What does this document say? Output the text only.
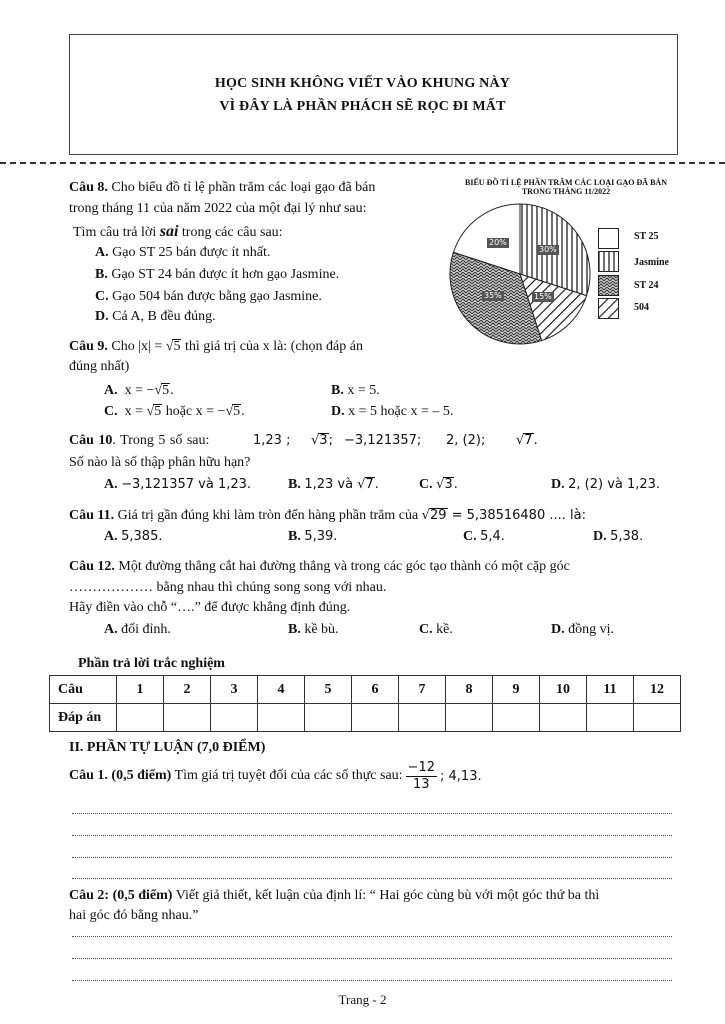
HỌC SINH KHÔNG VIẾT VÀO KHUNG NÀY
VÌ ĐÂY LÀ PHẦN PHÁCH SẼ RỌC ĐI MẤT
Câu 8. Cho biểu đồ tỉ lệ phần trăm các loại gạo đã bán
trong tháng 11 của năm 2022 của một đại lý như sau:
Tìm câu trả lời sai trong các câu sau:
A. Gạo ST 25 bán được ít nhất.
B. Gạo ST 24 bán được ít hơn gạo Jasmine.
C. Gạo 504 bán được bằng gạo Jasmine.
D. Cả A, B đều đúng.
BIỂU ĐỒ TỈ LỆ PHẦN TRĂM CÁC LOẠI GẠO ĐÃ BÁN
TRONG THÁNG 11/2022
20%
30%
35%	15%
ST 25
Jasmine
ST 24
504
Câu 9. Cho |x| = √5 thì giá trị của x là: (chọn đáp án
đúng nhất)
A. x = −√5.	B. x = 5.
C. x = √5 hoặc x = −√5.	D. x = 5 hoặc x = – 5.
Câu 10. Trong 5 số sau:	1,23 ; √3; −3,121357; 2, (2); √7.
Số nào là số thập phân hữu hạn?
A. −3,121357 và 1,23.	B. 1,23 và √7.	C. √3.	D. 2, (2) và 1,23.
Câu 11. Giá trị gần đúng khi làm tròn đến hàng phần trăm của √29 = 5,38516480 .... là:
A. 5,385.	B. 5,39.	C. 5,4.	D. 5,38.
Câu 12. Một đường thẳng cắt hai đường thẳng và trong các góc tạo thành có một cặp góc
……………… bằng nhau thì chúng song song với nhau.
Hãy điền vào chỗ “….” để được khẳng định đúng.
A. đối đỉnh.	B. kề bù.	C. kề.	D. đồng vị.
Phần trả lời trắc nghiệm
Câu	1	2	3	4	5	6	7	8	9	10	11	12
Đáp án												
II. PHẦN TỰ LUẬN (7,0 ĐIỂM)
Câu 1 . (0,5 điểm) Tìm giá trị tuyệt đối của các số thực sau: $\frac{-12}{13}$ ; 4,13.
Câu 2: (0,5 điểm) Viết giả thiết, kết luận của định lí: “ Hai góc cùng bù với một góc thứ ba thì
hai góc đó bằng nhau.”
Trang - 2
